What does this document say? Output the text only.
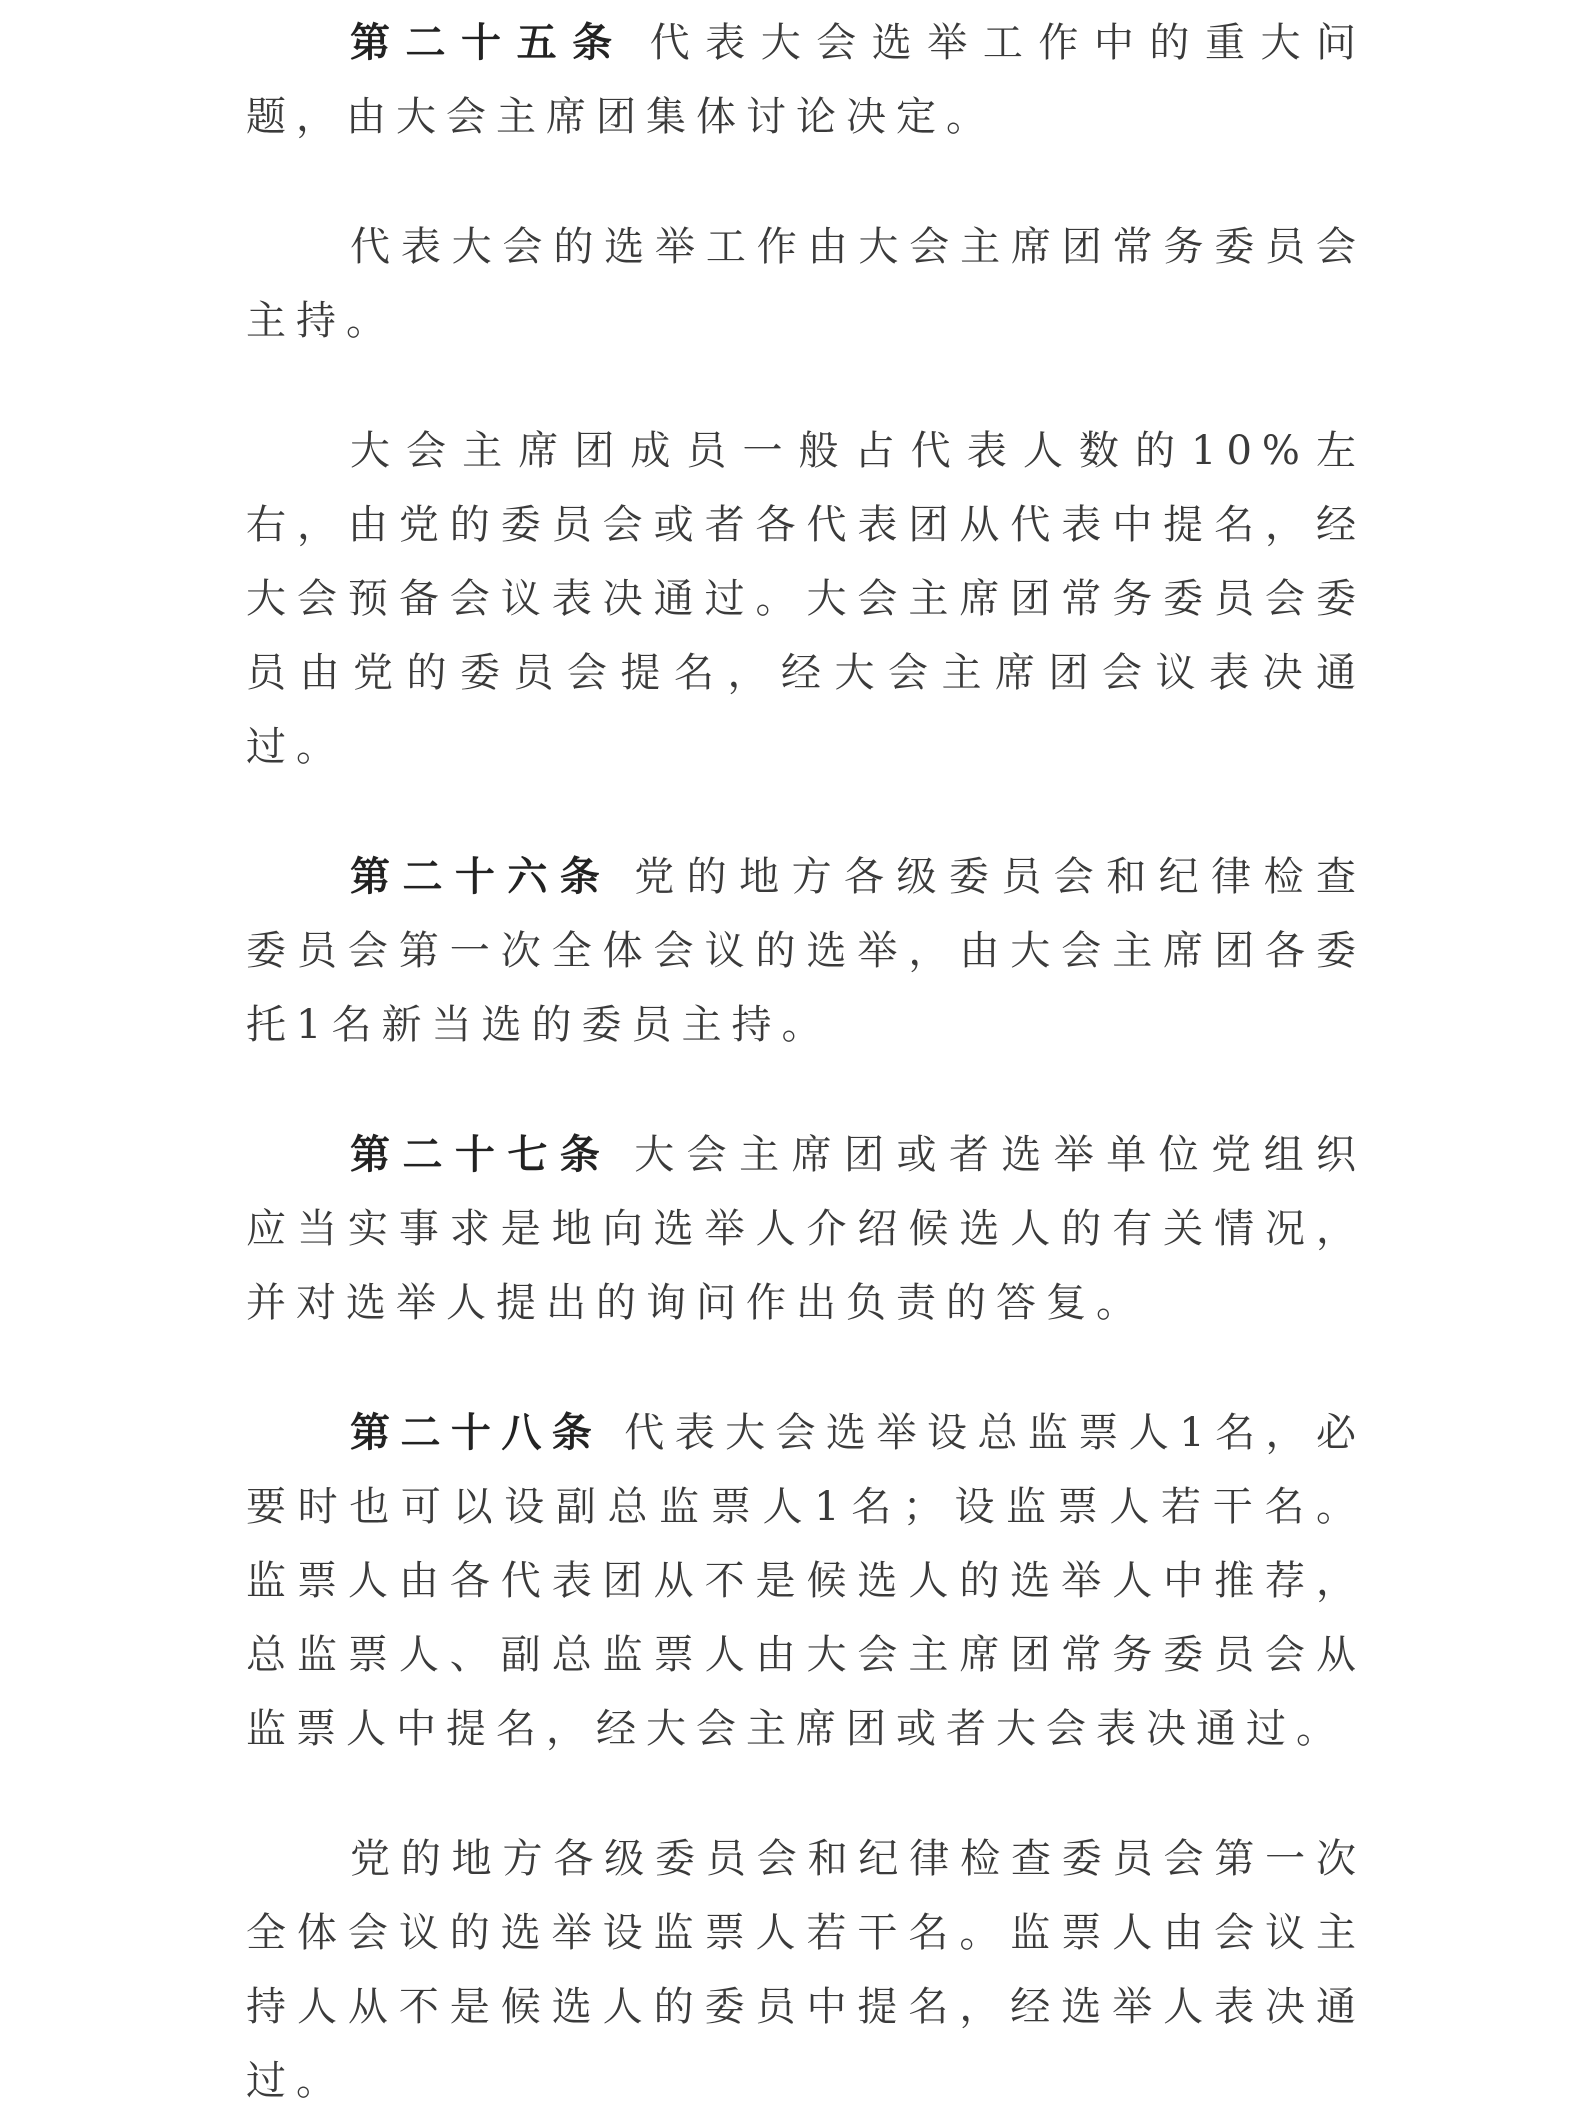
第二十五条 代表大会选举工作中的重大问题，由大会主席团集体讨论决定。

代表大会的选举工作由大会主席团常务委员会主持。

大会主席团成员一般占代表人数的10%左右，由党的委员会或者各代表团从代表中提名，经大会预备会议表决通过。大会主席团常务委员会委员由党的委员会提名，经大会主席团会议表决通过。

第二十六条 党的地方各级委员会和纪律检查委员会第一次全体会议的选举，由大会主席团各委托1名新当选的委员主持。

第二十七条 大会主席团或者选举单位党组织应当实事求是地向选举人介绍候选人的有关情况，并对选举人提出的询问作出负责的答复。

第二十八条 代表大会选举设总监票人1名，必要时也可以设副总监票人1名；设监票人若干名。监票人由各代表团从不是候选人的选举人中推荐，总监票人、副总监票人由大会主席团常务委员会从监票人中提名，经大会主席团或者大会表决通过。

党的地方各级委员会和纪律检查委员会第一次全体会议的选举设监票人若干名。监票人由会议主持人从不是候选人的委员中提名，经选举人表决通过。
